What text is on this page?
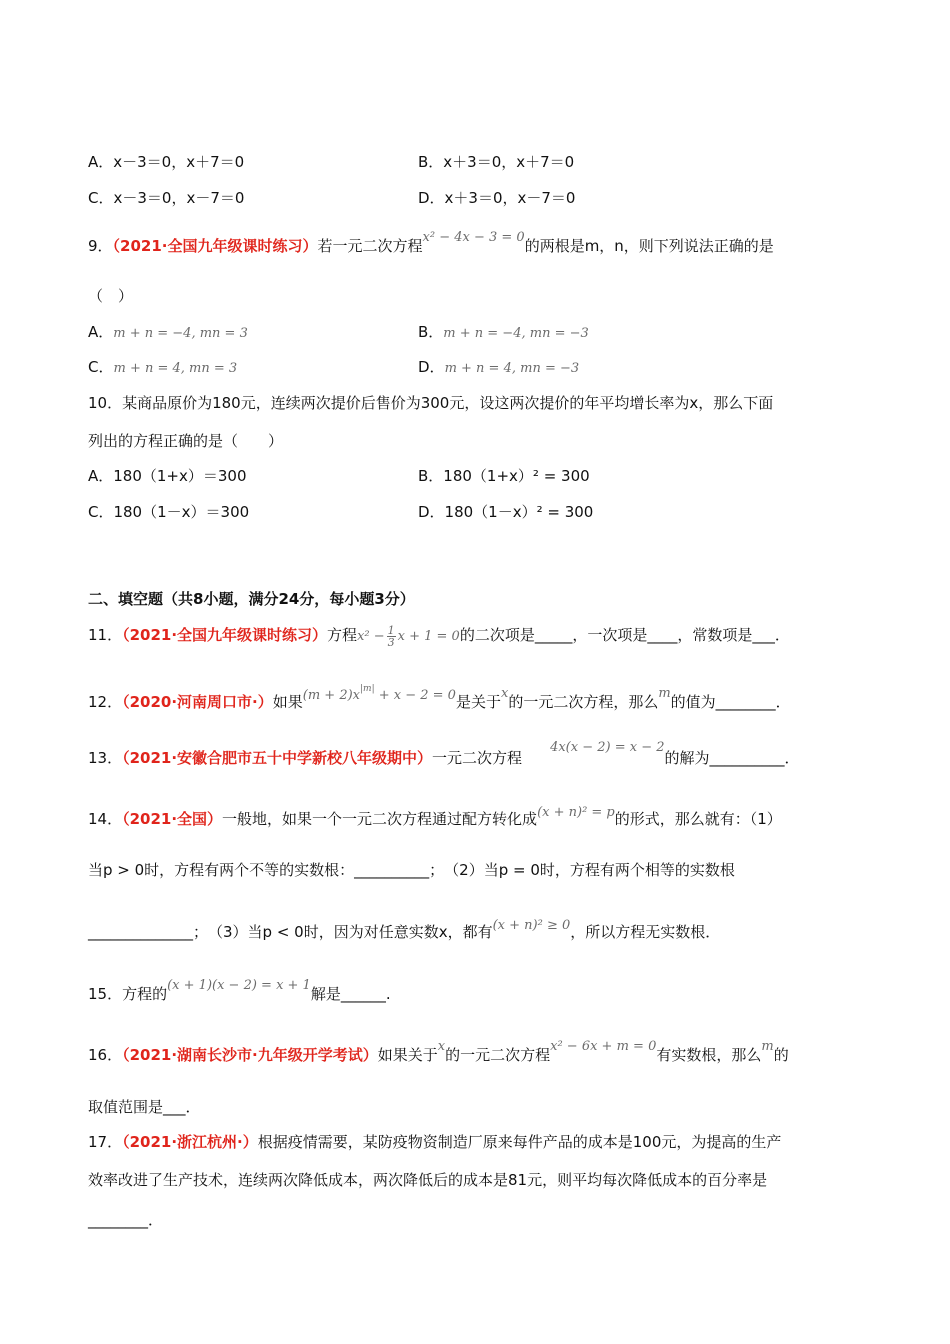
A．x－3＝0，x＋7＝0	B．x＋3＝0，x＋7＝0
C．x－3＝0，x－7＝0	D．x＋3＝0，x－7＝0
9．（2021·全国九年级课时练习）若一元二次方程x² − 4x − 3 = 0的两根是m，n，则下列说法正确的是
（　）
A．m + n = −4, mn = 3	B．m + n = −4, mn = −3
C．m + n = 4, mn = 3	D．m + n = 4, mn = −3
10．某商品原价为180元，连续两次提价后售价为300元，设这两次提价的年平均增长率为x，那么下面
列出的方程正确的是（　　）
A．180（1+x）＝300	B．180（1+x）² = 300
C．180（1－x）＝300	D．180（1－x）² = 300
二、填空题（共8小题，满分24分，每小题3分）
11．（2021·全国九年级课时练习）方程$x^2 - \frac{1}{3}$ x + 1 = 0的二次项是_____，一次项是____，常数项是___．
12．（2020·河南周口市·）如果$(m + 2)x^{|m|} + x - 2 = 0$是关于x的一元二次方程，那么m的值为________．
13．（2021·安徽合肥市五十中学新校八年级期中）一元二次方程4x(x − 2) = x − 2的解为__________．
14．（2021·全国）一般地，如果一个一元二次方程通过配方转化成(x + n)² = p的形式，那么就有：（1）
当p > 0时，方程有两个不等的实数根：__________；　（2）当p = 0时，方程有两个相等的实数根
______________；　（3）当p < 0时，因为对任意实数x，都有(x + n)² ≥ 0，所以方程无实数根．
15．方程的(x + 1)(x − 2) = x + 1解是______.
16．（2021·湖南长沙市·九年级开学考试）如果关于x的一元二次方程x² − 6x + m = 0有实数根，那么m的
取值范围是___．
17．（2021·浙江杭州·）根据疫情需要，某防疫物资制造厂原来每件产品的成本是100元，为提高的生产
效率改进了生产技术，连续两次降低成本，两次降低后的成本是81元，则平均每次降低成本的百分率是
________．
